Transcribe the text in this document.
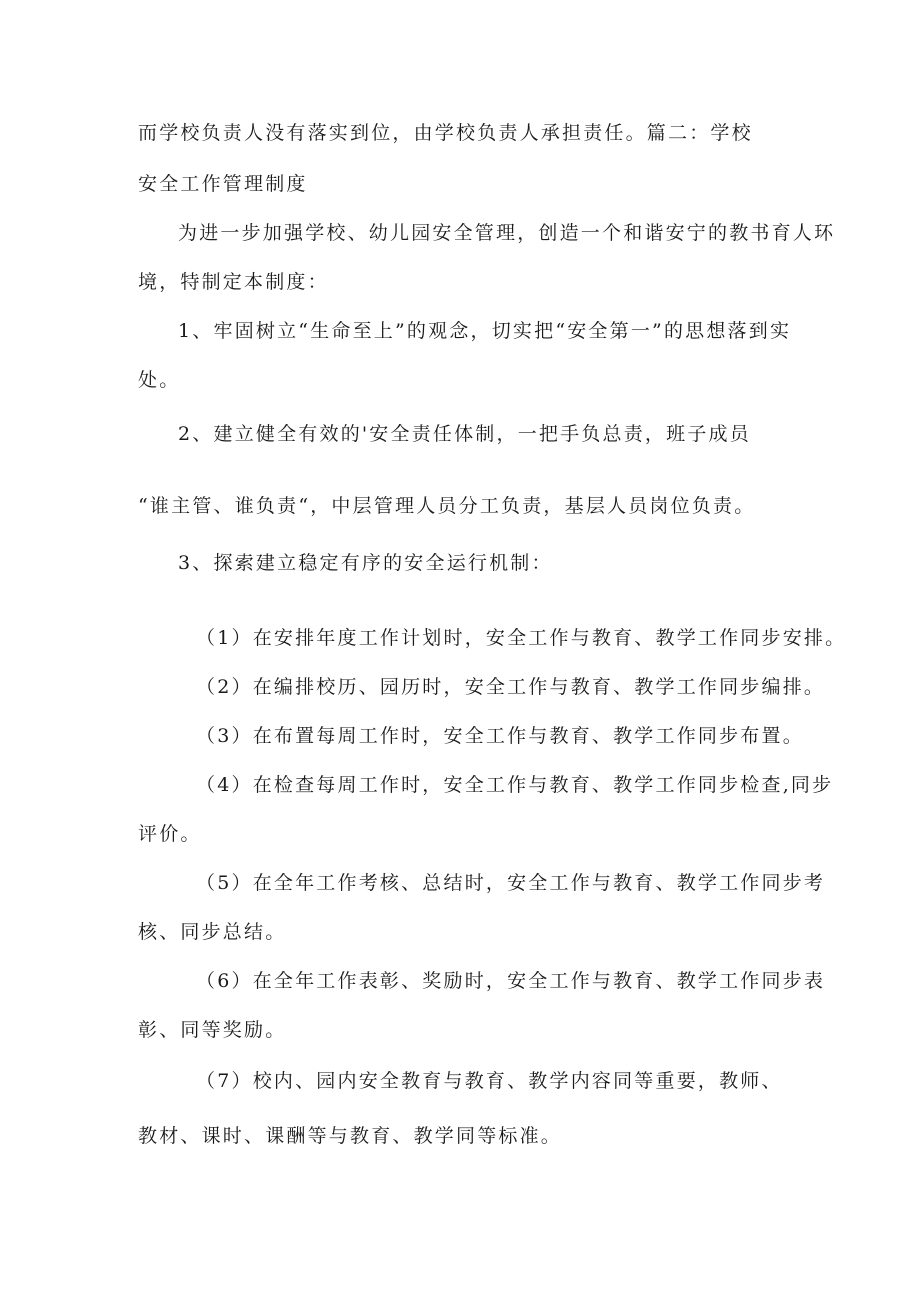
而学校负责人没有落实到位，由学校负责人承担责任。篇二：学校
安全工作管理制度
为进一步加强学校、幼儿园安全管理，创造一个和谐安宁的教书育人环
境，特制定本制度：
1、牢固树立“生命至上”的观念，切实把“安全第一”的思想落到实
处。
2、建立健全有效的'安全责任体制，一把手负总责，班子成员
“谁主管、谁负责“，中层管理人员分工负责，基层人员岗位负责。
3、探索建立稳定有序的安全运行机制：
（1）在安排年度工作计划时，安全工作与教育、教学工作同步安排。
（2）在编排校历、园历时，安全工作与教育、教学工作同步编排。
（3）在布置每周工作时，安全工作与教育、教学工作同步布置。
（4）在检查每周工作时，安全工作与教育、教学工作同步检查,同步
评价。
（5）在全年工作考核、总结时，安全工作与教育、教学工作同步考
核、同步总结。
（6）在全年工作表彰、奖励时，安全工作与教育、教学工作同步表
彰、同等奖励。
（7）校内、园内安全教育与教育、教学内容同等重要，教师、
教材、课时、课酬等与教育、教学同等标准。
